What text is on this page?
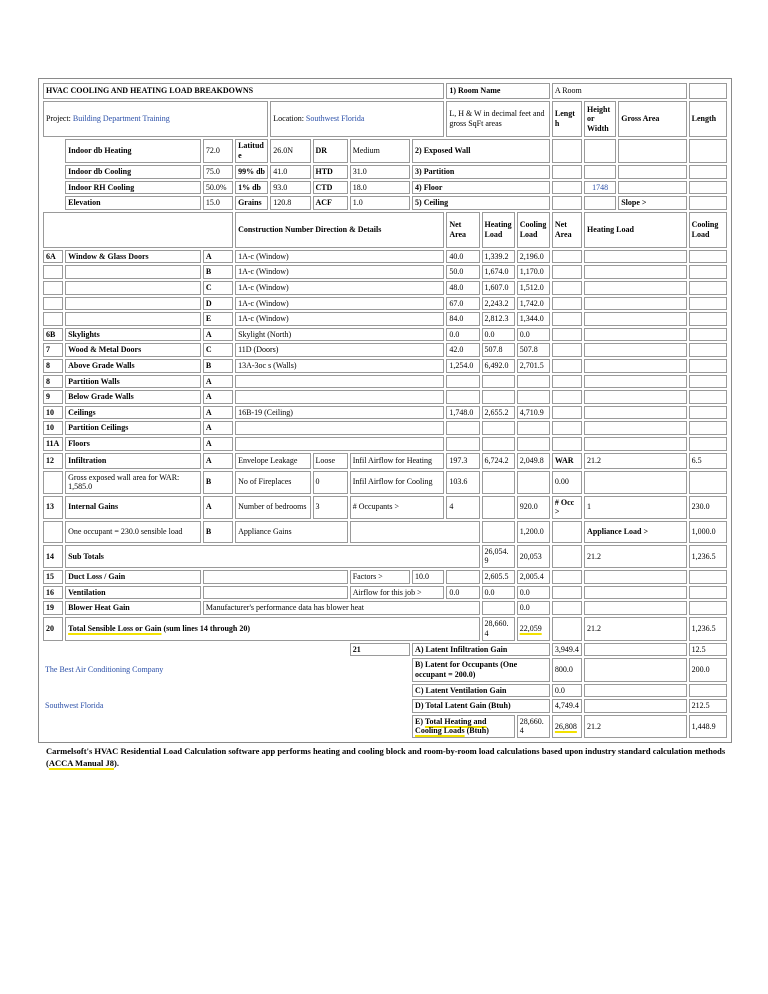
HVAC COOLING AND HEATING LOAD BREAKDOWNS								1) Room Name			A Room			
Project: Building Department Training				Location: Southwest Florida				L, H & W in decimal feet and gross SqFt areas			Length	Height or Width	Gross Area	Length
	Indoor db Heating	72.0	Latitude	26.0N	DR	Medium	2) Exposed Wall							
	Indoor db Cooling	75.0	99% db	41.0	HTD	31.0	3) Partition							
	Indoor RH Cooling	50.0%	1% db	93.0	CTD	18.0	4) Floor					1748		
	Elevation	15.0	Grains	120.8	ACF	1.0	5) Ceiling						Slope >	
			Construction Number Direction & Details					Net Area	Heating Load	Cooling Load	Net Area	Heating Load		Cooling Load
6A	Window & Glass Doors	A	1A-c (Window)					40.0	1,339.2	2,196.0				
		B	1A-c (Window)					50.0	1,674.0	1,170.0				
		C	1A-c (Window)					48.0	1,607.0	1,512.0				
		D	1A-c (Window)					67.0	2,243.2	1,742.0				
		E	1A-c (Window)					84.0	2,812.3	1,344.0				
6B	Skylights	A	Skylight (North)					0.0	0.0	0.0				
7	Wood & Metal Doors	C	11D (Doors)					42.0	507.8	507.8				
8	Above Grade Walls	B	13A-3oc s (Walls)					1,254.0	6,492.0	2,701.5				
8	Partition Walls	A												
9	Below Grade Walls	A												
10	Ceilings	A	16B-19 (Ceiling)					1,748.0	2,655.2	4,710.9				
10	Partition Ceilings	A												
11A	Floors	A												
12	Infiltration	A	Envelope Leakage		Loose	Infil Airflow for Heating		197.3	6,724.2	2,049.8	WAR	21.2		6.5
	Gross exposed wall area for WAR: 1,585.0	B	No of Fireplaces		0	Infil Airflow for Cooling		103.6			0.00			
13	Internal Gains	A	Number of bedrooms		3	# Occupants >		4		920.0	# Occ >	1		230.0
	One occupant = 230.0 sensible load	B	Appliance Gains							1,200.0		Appliance Load >		1,000.0
14	Sub Totals								26,054.9	20,053		21.2		1,236.5
15	Duct Loss / Gain					Factors >	10.0		2,605.5	2,005.4				
16	Ventilation					Airflow for this job >		0.0	0.0	0.0				
19	Blower Heat Gain	Manufacturer's performance data has blower heat								0.0				
20	Total Sensible Loss or Gain (sum lines 14 through 20)								28,660.4	22,059		21.2		1,236.5
						21	A) Latent Infiltration Gain				3,949.4			12.5
The Best Air Conditioning Company							B) Latent for Occupants (One occupant = 200.0)				800.0			200.0
							C) Latent Ventilation Gain				0.0			
Southwest Florida							D) Total Latent Gain (Btuh)				4,749.4			212.5
							E) Total Heating and Cooling Loads (Btuh)			28,660.4	26,808	21.2		1,448.9
Carmelsoft's HVAC Residential Load Calculation software app performs heating and cooling block and room-by-room load calculations based upon industry standard calculation methods (ACCA Manual J8).
